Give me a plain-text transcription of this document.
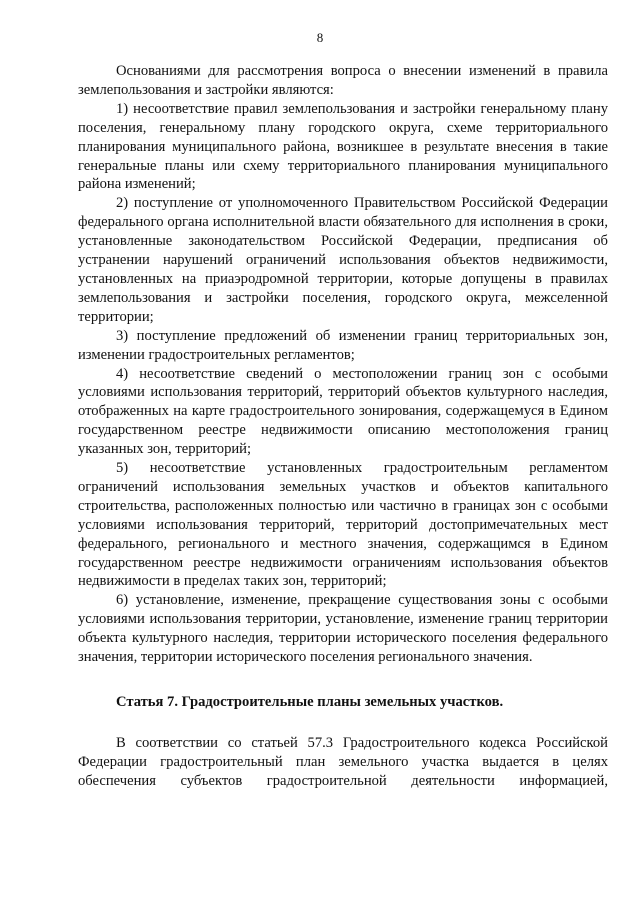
8

Основаниями для рассмотрения вопроса о внесении изменений в правила землепользования и застройки являются:

1) несоответствие правил землепользования и застройки генеральному плану поселения, генеральному плану городского округа, схеме территориального планирования муниципального района, возникшее в результате внесения в такие генеральные планы или схему территориального планирования муниципального района изменений;

2) поступление от уполномоченного Правительством Российской Федерации федерального органа исполнительной власти обязательного для исполнения в сроки, установленные законодательством Российской Федерации, предписания об устранении нарушений ограничений использования объектов недвижимости, установленных на приаэродромной территории, которые допущены в правилах землепользования и застройки поселения, городского округа, межселенной территории;

3) поступление предложений об изменении границ территориальных зон, изменении градостроительных регламентов;

4) несоответствие сведений о местоположении границ зон с особыми условиями использования территорий, территорий объектов культурного наследия, отображенных на карте градостроительного зонирования, содержащемуся в Едином государственном реестре недвижимости описанию местоположения границ указанных зон, территорий;

5) несоответствие установленных градостроительным регламентом ограничений использования земельных участков и объектов капитального строительства, расположенных полностью или частично в границах зон с особыми условиями использования территорий, территорий достопримечательных мест федерального, регионального и местного значения, содержащимся в Едином государственном реестре недвижимости ограничениям использования объектов недвижимости в пределах таких зон, территорий;

6) установление, изменение, прекращение существования зоны с особыми условиями использования территории, установление, изменение границ территории объекта культурного наследия, территории исторического поселения федерального значения, территории исторического поселения регионального значения.

Статья 7. Градостроительные планы земельных участков.

В соответствии со статьей 57.3 Градостроительного кодекса Российской Федерации градостроительный план земельного участка выдается в целях обеспечения субъектов градостроительной деятельности информацией,
